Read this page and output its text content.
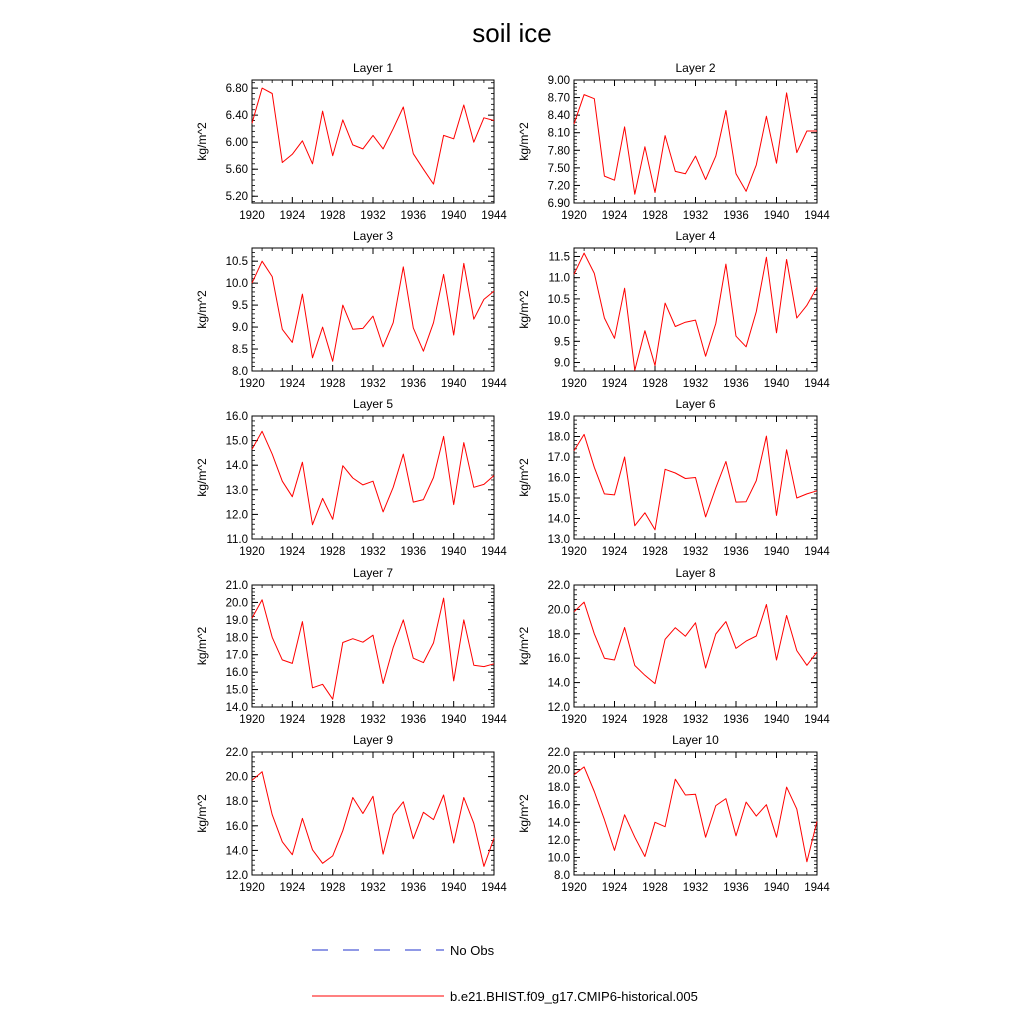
soil ice
Layer 1
kg/m^2
5.20
5.60
6.00
6.40
6.80
1920 1924 1928 1932 1936 1940 1944
Layer 2
kg/m^2
6.90
7.20
7.50
7.80
8.10
8.40
8.70
9.00
1920 1924 1928 1932 1936 1940 1944
Layer 3
kg/m^2
8.0
8.5
9.0
9.5
10.0
10.5
1920 1924 1928 1932 1936 1940 1944
Layer 4
kg/m^2
9.0
9.5
10.0
10.5
11.0
11.5
1920 1924 1928 1932 1936 1940 1944
Layer 5
kg/m^2
11.0
12.0
13.0
14.0
15.0
16.0
1920 1924 1928 1932 1936 1940 1944
Layer 6
kg/m^2
13.0
14.0
15.0
16.0
17.0
18.0
19.0
1920 1924 1928 1932 1936 1940 1944
Layer 7
kg/m^2
14.0
15.0
16.0
17.0
18.0
19.0
20.0
21.0
1920 1924 1928 1932 1936 1940 1944
Layer 8
kg/m^2
12.0
14.0
16.0
18.0
20.0
22.0
1920 1924 1928 1932 1936 1940 1944
Layer 9
kg/m^2
12.0
14.0
16.0
18.0
20.0
22.0
1920 1924 1928 1932 1936 1940 1944
Layer 10
kg/m^2
8.0
10.0
12.0
14.0
16.0
18.0
20.0
22.0
1920 1924 1928 1932 1936 1940 1944
No Obs
b.e21.BHIST.f09_g17.CMIP6-historical.005
